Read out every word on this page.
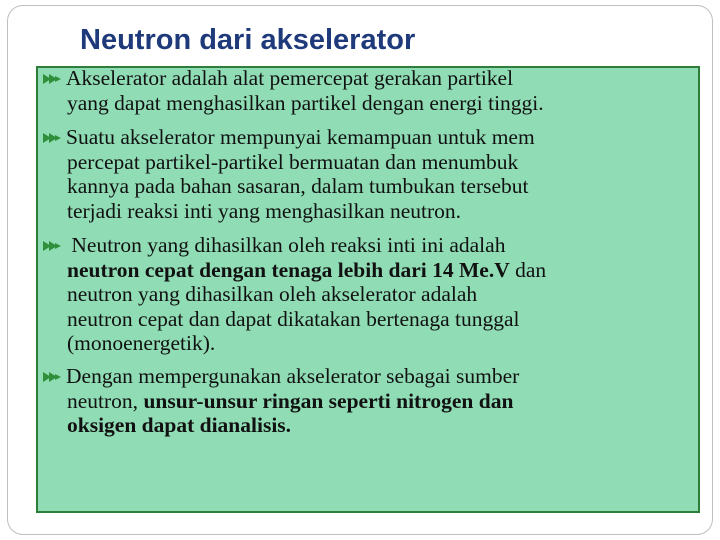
Neutron dari akselerator
Akselerator adalah alat pemercepat gerakan partikel
yang dapat menghasilkan partikel dengan energi tinggi.
Suatu akselerator mempunyai kemampuan untuk mem
percepat partikel-partikel bermuatan dan menumbuk
kannya pada bahan sasaran, dalam tumbukan tersebut
terjadi reaksi inti yang menghasilkan neutron.
Neutron yang dihasilkan oleh reaksi inti ini adalah
neutron cepat dengan tenaga lebih dari 14 Me.V dan
neutron yang dihasilkan oleh akselerator adalah
neutron cepat dan dapat dikatakan bertenaga tunggal
(monoenergetik).
Dengan mempergunakan akselerator sebagai sumber
neutron, unsur-unsur ringan seperti nitrogen dan
oksigen dapat dianalisis.
